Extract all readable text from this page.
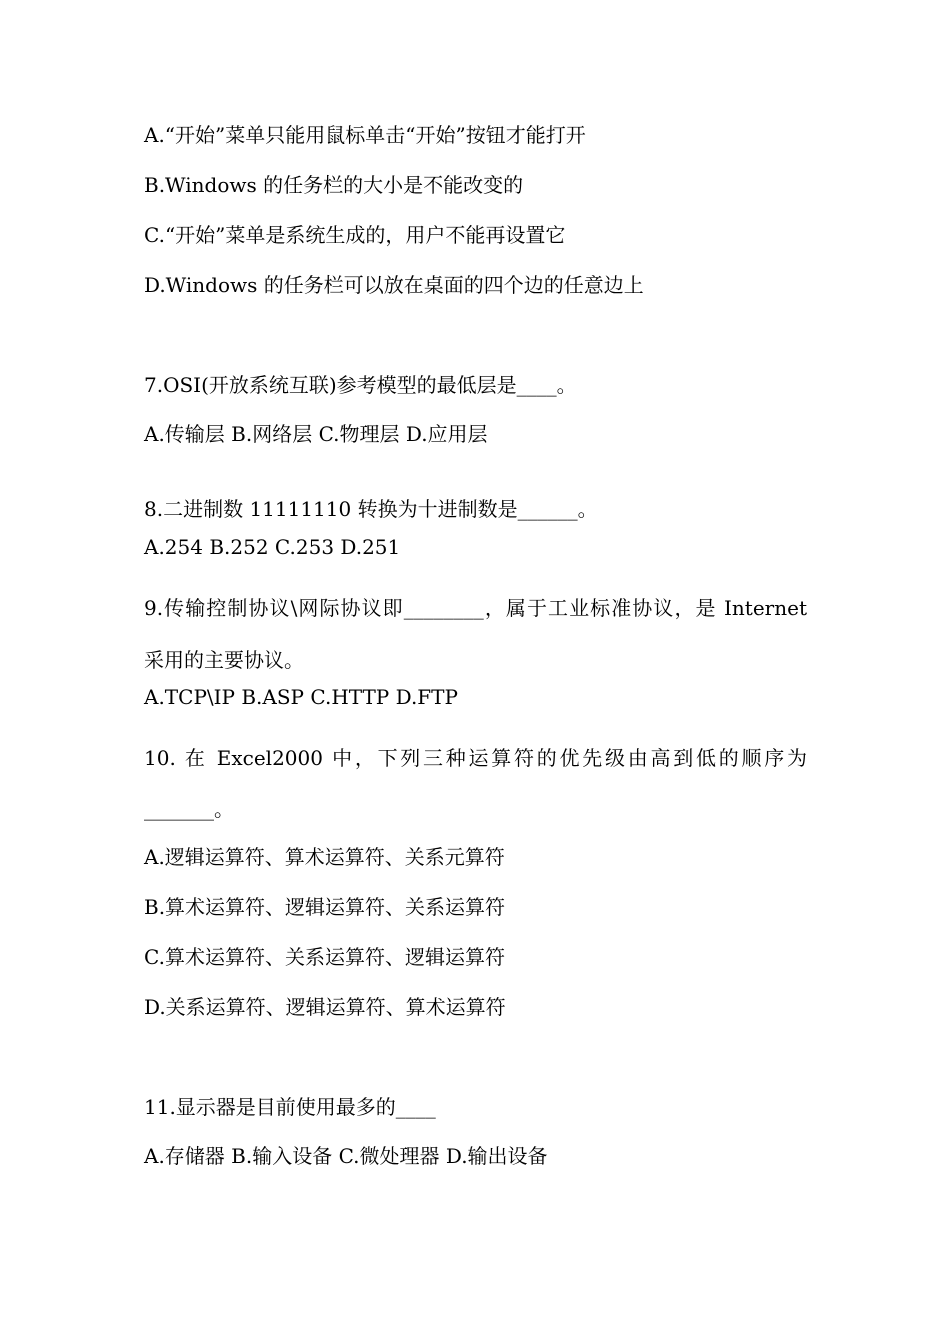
A.“开始”菜单只能用鼠标单击“开始”按钮才能打开
B.Windows 的任务栏的大小是不能改变的
C.“开始”菜单是系统生成的，用户不能再设置它
D.Windows 的任务栏可以放在桌面的四个边的任意边上
7.OSI(开放系统互联)参考模型的最低层是____。
A.传输层 B.网络层 C.物理层 D.应用层
8.二进制数 11111110 转换为十进制数是______。
A.254 B.252 C.253 D.251
9.传输控制协议\网际协议即________，属于工业标准协议，是 Internet
采用的主要协议。
A.TCP\IP B.ASP C.HTTP D.FTP
10. 在 Excel2000 中，下列三种运算符的优先级由高到低的顺序为
_______。
A.逻辑运算符、算术运算符、关系元算符
B.算术运算符、逻辑运算符、关系运算符
C.算术运算符、关系运算符、逻辑运算符
D.关系运算符、逻辑运算符、算术运算符
11.显示器是目前使用最多的____
A.存储器 B.输入设备 C.微处理器 D.输出设备
